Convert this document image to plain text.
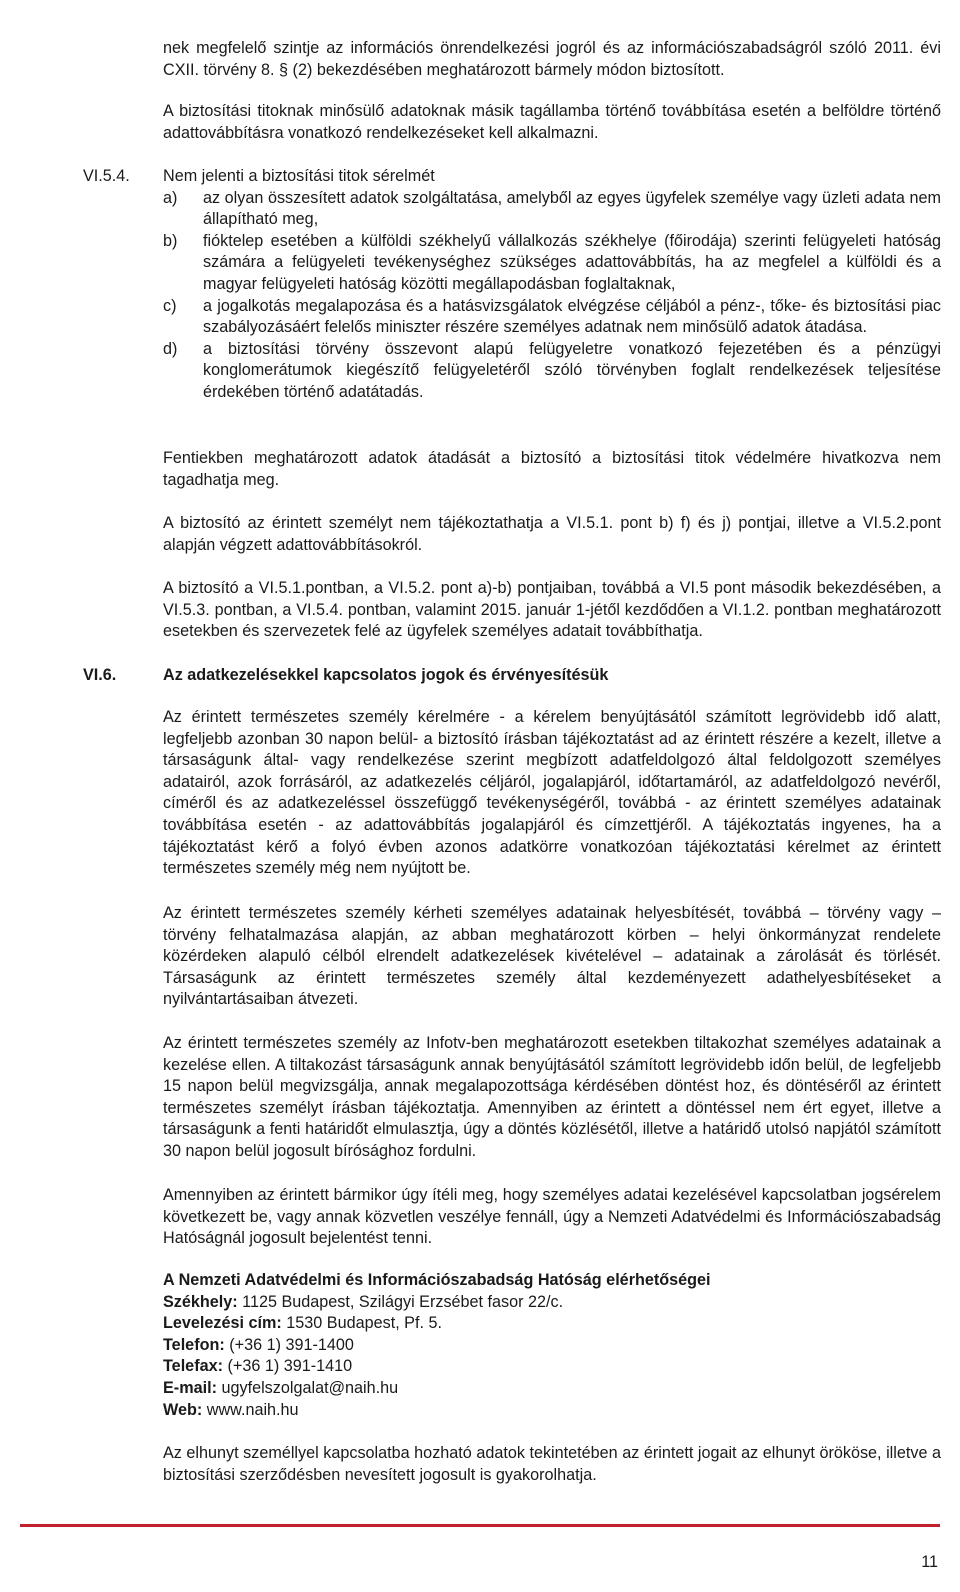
nek megfelelő szintje az információs önrendelkezési jogról és az információszabadságról szóló 2011. évi CXII. törvény 8. § (2) bekezdésében meghatározott bármely módon biztosított.

A biztosítási titoknak minősülő adatoknak másik tagállamba történő továbbítása esetén a belföldre történő adattovábbításra vonatkozó rendelkezéseket kell alkalmazni.

VI.5.4. Nem jelenti a biztosítási titok sérelmét

a) az olyan összesített adatok szolgáltatása, amelyből az egyes ügyfelek személye vagy üzleti adata nem állapítható meg,
b) fióktelep esetében a külföldi székhelyű vállalkozás székhelye (főirodája) szerinti felügyeleti hatóság számára a felügyeleti tevékenységhez szükséges adattovábbítás, ha az megfelel a külföldi és a magyar felügyeleti hatóság közötti megállapodásban foglaltaknak,
c) a jogalkotás megalapozása és a hatásvizsgálatok elvégzése céljából a pénz-, tőke- és biztosítási piac szabályozásáért felelős miniszter részére személyes adatnak nem minősülő adatok átadása.
d) a biztosítási törvény összevont alapú felügyeletre vonatkozó fejezetében és a pénzügyi konglomerátumok kiegészítő felügyeletéről szóló törvényben foglalt rendelkezések teljesítése érdekében történő adatátadás.

Fentiekben meghatározott adatok átadását a biztosító a biztosítási titok védelmére hivatkozva nem tagadhatja meg.

A biztosító az érintett személyt nem tájékoztathatja a VI.5.1. pont b) f) és j) pontjai, illetve a VI.5.2.pont alapján végzett adattovábbításokról.

A biztosító a VI.5.1.pontban, a VI.5.2. pont a)-b) pontjaiban, továbbá a VI.5 pont második bekezdésében, a VI.5.3. pontban, a VI.5.4. pontban, valamint 2015. január 1-jétől kezdődően a VI.1.2. pontban meghatározott esetekben és szervezetek felé az ügyfelek személyes adatait továbbíthatja.

VI.6.	Az adatkezelésekkel kapcsolatos jogok és érvényesítésük

Az érintett természetes személy kérelmére - a kérelem benyújtásától számított legrövidebb idő alatt, legfeljebb azonban 30 napon belül- a biztosító írásban tájékoztatást ad az érintett részére a kezelt, illetve a társaságunk által- vagy rendelkezése szerint megbízott adatfeldolgozó által feldolgozott személyes adatairól, azok forrásáról, az adatkezelés céljáról, jogalapjáról, időtartamáról, az adatfeldolgozó nevéről, címéről és az adatkezeléssel összefüggő tevékenységéről, továbbá - az érintett személyes adatainak továbbítása esetén - az adattovábbítás jogalapjáról és címzettjéről. A tájékoztatás ingyenes, ha a tájékoztatást kérő a folyó évben azonos adatkörre vonatkozóan tájékoztatási kérelmet az érintett természetes személy még nem nyújtott be.

Az érintett természetes személy kérheti személyes adatainak helyesbítését, továbbá – törvény vagy – törvény felhatalmazása alapján, az abban meghatározott körben – helyi önkormányzat rendelete közérdeken alapuló célból elrendelt adatkezelések kivételével – adatainak a zárolását és törlését. Társaságunk az érintett természetes személy által kezdeményezett adathelyesbítéseket a nyilvántartásaiban átvezeti.

Az érintett természetes személy az Infotv-ben meghatározott esetekben tiltakozhat személyes adatainak a kezelése ellen. A tiltakozást társaságunk annak benyújtásától számított legrövidebb időn belül, de legfeljebb 15 napon belül megvizsgálja, annak megalapozottsága kérdésében döntést hoz, és döntéséről az érintett természetes személyt írásban tájékoztatja. Amennyiben az érintett a döntéssel nem ért egyet, illetve a társaságunk a fenti határidőt elmulasztja, úgy a döntés közlésétől, illetve a határidő utolsó napjától számított 30 napon belül jogosult bírósághoz fordulni.

Amennyiben az érintett bármikor úgy ítéli meg, hogy személyes adatai kezelésével kapcsolatban jogsérelem következett be, vagy annak közvetlen veszélye fennáll, úgy a Nemzeti Adatvédelmi és Információszabadság Hatóságnál jogosult bejelentést tenni.

A Nemzeti Adatvédelmi és Információszabadság Hatóság elérhetőségei

Székhely: 1125 Budapest, Szilágyi Erzsébet fasor 22/c.

Levelezési cím: 1530 Budapest, Pf. 5.

Telefon: (+36 1) 391-1400

Telefax: (+36 1) 391-1410

E-mail: ugyfelszolgalat@naih.hu

Web: www.naih.hu

Az elhunyt személlyel kapcsolatba hozható adatok tekintetében az érintett jogait az elhunyt örököse, illetve a biztosítási szerződésben nevesített jogosult is gyakorolhatja.

11
